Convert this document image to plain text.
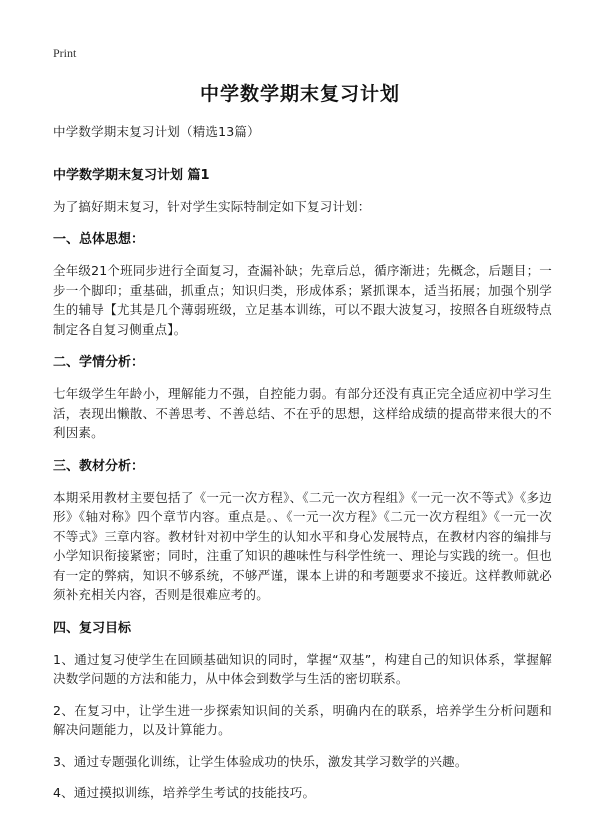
Print
中学数学期末复习计划

中学数学期末复习计划（精选13篇）

中学数学期末复习计划 篇1

为了搞好期末复习，针对学生实际特制定如下复习计划：

一、总体思想：

全年级21个班同步进行全面复习，查漏补缺；先章后总，循序渐进；先概念，后题目；一步一个脚印；重基础，抓重点；知识归类，形成体系；紧抓课本，适当拓展；加强个别学生的辅导【尤其是几个薄弱班级，立足基本训练，可以不跟大波复习，按照各自班级特点制定各自复习侧重点】。

二、学情分析：

七年级学生年龄小，理解能力不强，自控能力弱。有部分还没有真正完全适应初中学习生活，表现出懒散、不善思考、不善总结、不在乎的思想，这样给成绩的提高带来很大的不利因素。

三、教材分析：

本期采用教材主要包括了《一元一次方程》、《二元一次方程组》《一元一次不等式》《多边形》《轴对称》四个章节内容。重点是。、《一元一次方程》《二元一次方程组》《一元一次不等式》三章内容。教材针对初中学生的认知水平和身心发展特点，在教材内容的编排与小学知识衔接紧密；同时，注重了知识的趣味性与科学性统一、理论与实践的统一。但也有一定的弊病，知识不够系统，不够严谨，课本上讲的和考题要求不接近。这样教师就必须补充相关内容，否则是很难应考的。

四、复习目标

1、通过复习使学生在回顾基础知识的同时，掌握“双基”，构建自己的知识体系，掌握解决数学问题的方法和能力，从中体会到数学与生活的密切联系。

2、在复习中，让学生进一步探索知识间的关系，明确内在的联系，培养学生分析问题和解决问题能力，以及计算能力。

3、通过专题强化训练，让学生体验成功的快乐，激发其学习数学的兴趣。

4、通过摸拟训练，培养学生考试的技能技巧。
